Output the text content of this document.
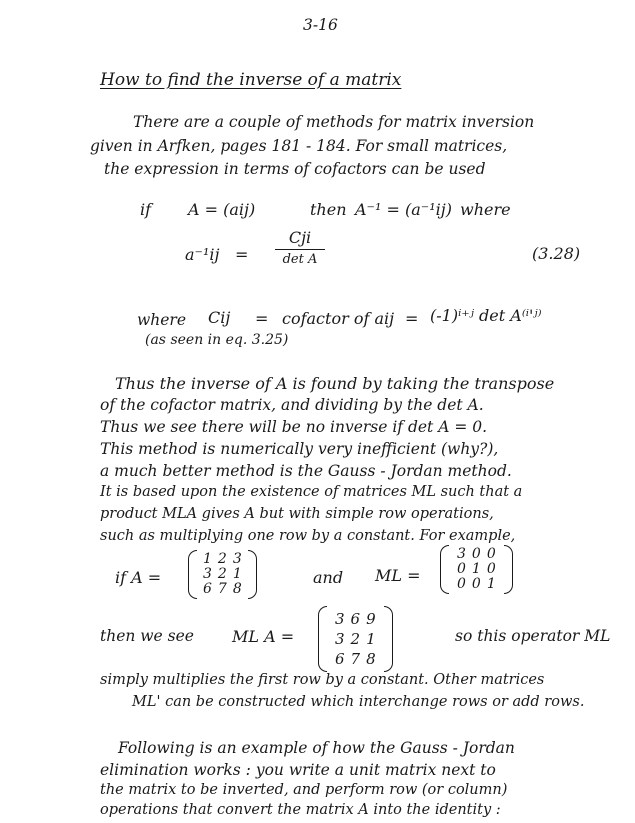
3-16
How to find the inverse of a matrix
There are a couple of methods for matrix inversion
given in Arfken, pages 181 - 184. For small matrices,
the expression in terms of cofactors can be used
if A = (aij)	then A⁻¹ = (a⁻¹ij) where
a⁻¹ij =
Cji
det A	(3.28)
where Cij = cofactor of aij = (-1)ⁱ⁺ʲ det A⁽ⁱ'ʲ⁾
(as seen in eq. 3.25)
Thus the inverse of A is found by taking the transpose
of the cofactor matrix, and dividing by the det A.
Thus we see there will be no inverse if det A = 0.
This method is numerically very inefficient (why?),
a much better method is the Gauss - Jordan method.
It is based upon the existence of matrices ML such that a
product MLA gives A but with simple row operations,
such as multiplying one row by a constant. For example,
if A =
1	2	3
3	2	1
6	7	8
and ML =
3	0	0
0	1	0
0	0	1
then we see ML A =
3	6	9
3	2	1
6	7	8
so this operator ML
simply multiplies the first row by a constant. Other matrices
ML' can be constructed which interchange rows or add rows.
Following is an example of how the Gauss - Jordan
elimination works : you write a unit matrix next to
the matrix to be inverted, and perform row (or column)
operations that convert the matrix A into the identity :
